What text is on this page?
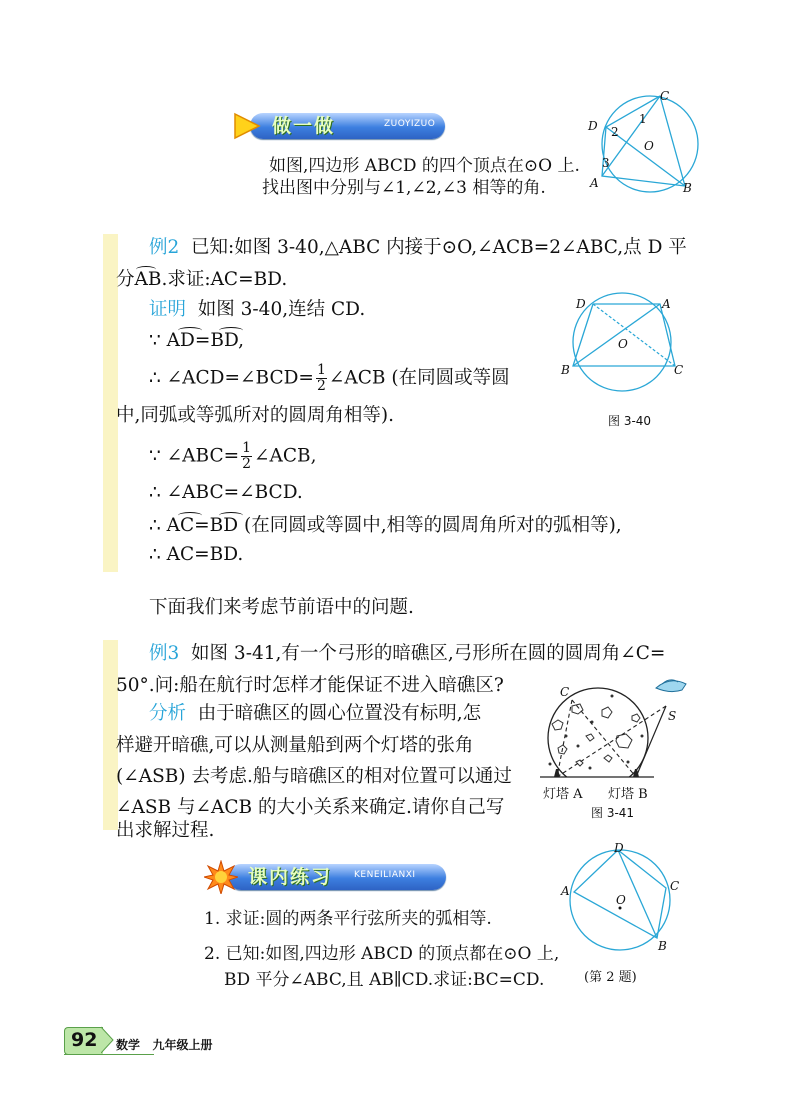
做一做	ZUOYIZUO
如图,四边形 ABCD 的四个顶点在⊙O 上.
找出图中分别与∠1,∠2,∠3 相等的角.
C
D	1
2
O
3
A	B
例2 已知:如图 3-40,△ABC 内接于⊙O,∠ACB=2∠ABC,点 D 平
分AB.求证:AC=BD.
证明 如图 3-40,连结 CD.
∵ AD=BD,
∴ ∠ACD=∠BCD= $\frac{1}{2}$ ∠ACB (在同圆或等圆
中,同弧或等弧所对的圆周角相等).
∵ ∠ABC= $\frac{1}{2}$ ∠ACB,
∴ ∠ABC=∠BCD.
∴ AC=BD (在同圆或等圆中,相等的圆周角所对的弧相等),
∴ AC=BD.
D	A
O
B	C
图 3-40
下面我们来考虑节前语中的问题.
例3 如图 3-41,有一个弓形的暗礁区,弓形所在圆的圆周角∠C=
50°.问:船在航行时怎样才能保证不进入暗礁区?
分析 由于暗礁区的圆心位置没有标明,怎
样避开暗礁,可以从测量船到两个灯塔的张角
(∠ASB) 去考虑.船与暗礁区的相对位置可以通过
∠ASB 与∠ACB 的大小关系来确定.请你自己写
出求解过程.
C
S
灯塔 A 灯塔 B
图 3-41
课内练习 KENEILIANXI
1. 求证:圆的两条平行弦所夹的弧相等.
2. 已知:如图,四边形 ABCD 的顶点都在⊙O 上,
BD 平分∠ABC,且 AB∥CD.求证:BC=CD.
D
A	C
O
B
(第 2 题)
92 数学   九年级上册
